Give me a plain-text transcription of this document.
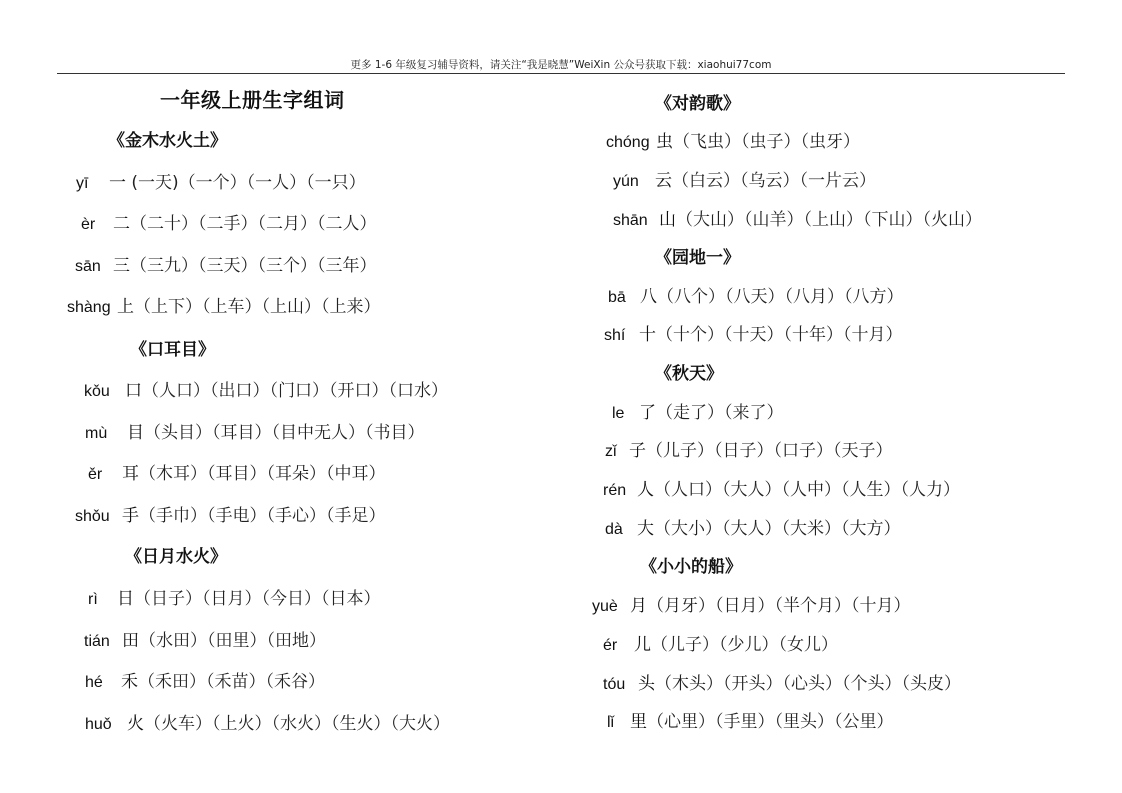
更多 1-6 年级复习辅导资料，请关注“我是晓慧”WeiXin 公众号获取下载：xiaohui77com
一年级上册生字组词
《金木水火土》
yī 一 (一天)（一个）（一人）（一只）
èr 二（二十）（二手）（二月）（二人）
sān 三（三九）（三天）（三个）（三年）
shàng 上（上下）（上车）（上山）（上来）
《口耳目》
kǒu 口（人口）（出口）（门口）（开口）（口水）
mù 目（头目）（耳目）（目中无人）（书目）
ěr 耳（木耳）（耳目）（耳朵）（中耳）
shǒu 手（手巾）（手电）（手心）（手足）
《日月水火》
rì 日（日子）（日月）（今日）（日本）
tián 田（水田）（田里）（田地）
hé 禾（禾田）（禾苗）（禾谷）
huǒ 火（火车）（上火）（水火）（生火）（大火）
《对韵歌》
chónɡ 虫（飞虫）（虫子）（虫牙）
yún 云（白云）（乌云）（一片云）
shān 山（大山）（山羊）（上山）（下山）（火山）
《园地一》
bā 八（八个）（八天）（八月）（八方）
shí 十（十个）（十天）（十年）（十月）
《秋天》
le 了（走了）（来了）
zǐ 子（儿子）（日子）（口子）（天子）
rén 人（人口）（大人）（人中）（人生）（人力）
dà 大（大小）（大人）（大米）（大方）
《小小的船》
yuè 月（月牙）（日月）（半个月）（十月）
ér 儿（儿子）（少儿）（女儿）
tóu 头（木头）（开头）（心头）（个头）（头皮）
lǐ 里（心里）（手里）（里头）（公里）
